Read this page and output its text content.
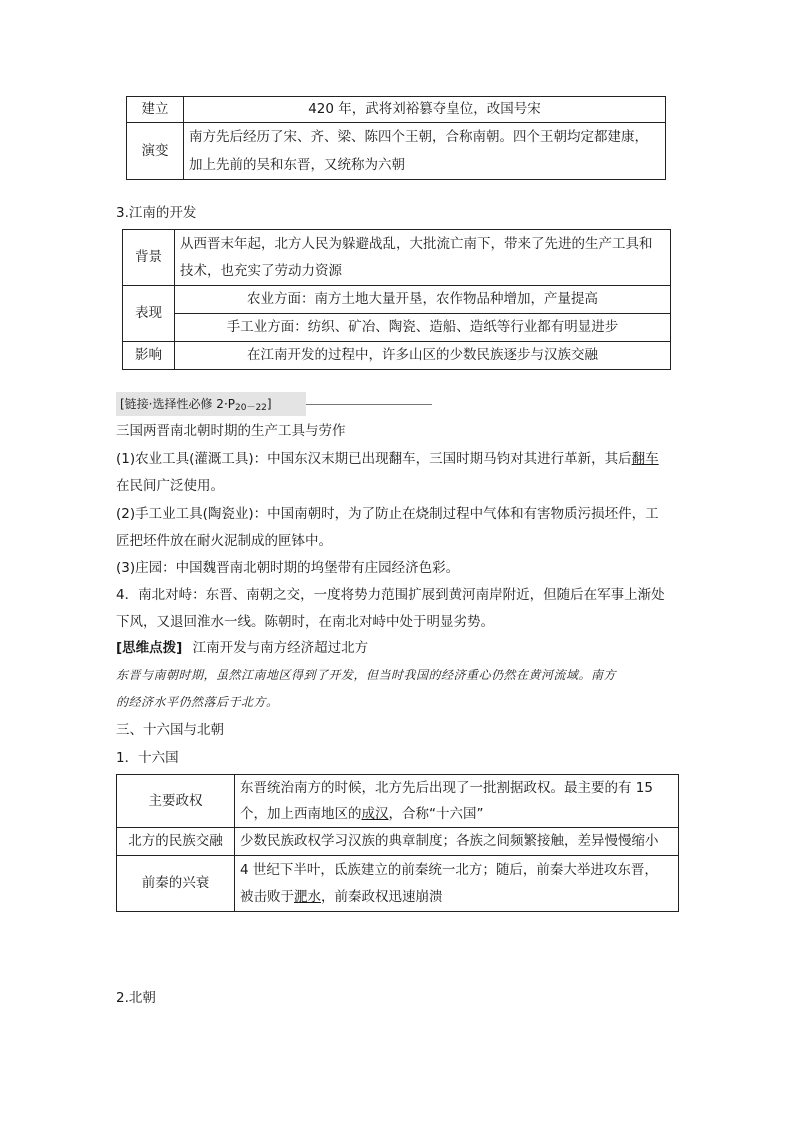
建立	420 年，武将刘裕篡夺皇位，改国号宋
演变	南方先后经历了宋、齐、梁、陈四个王朝，合称南朝。四个王朝均定都建康，
加上先前的吴和东晋，又统称为六朝
3.江南的开发
背景	从西晋末年起，北方人民为躲避战乱，大批流亡南下，带来了先进的生产工具和
技术，也充实了劳动力资源

表现	农业方面：南方土地大量开垦，农作物品种增加，产量提高
	手工业方面：纺织、矿冶、陶瓷、造船、造纸等行业都有明显进步
影响	在江南开发的过程中，许多山区的少数民族逐步与汉族交融
[链接·选择性必修 2·P20－22]
三国两晋南北朝时期的生产工具与劳作
(1)农业工具(灌溉工具)：中国东汉末期已出现翻车，三国时期马钧对其进行革新，其后翻车
在民间广泛使用。
(2)手工业工具(陶瓷业)：中国南朝时，为了防止在烧制过程中气体和有害物质污损坯件，工
匠把坯件放在耐火泥制成的匣钵中。
(3)庄园：中国魏晋南北朝时期的坞堡带有庄园经济色彩。
4．南北对峙：东晋、南朝之交，一度将势力范围扩展到黄河南岸附近，但随后在军事上渐处
下风，又退回淮水一线。陈朝时，在南北对峙中处于明显劣势。
[思维点拨] 江南开发与南方经济超过北方
东晋与南朝时期，虽然江南地区得到了开发，但当时我国的经济重心仍然在黄河流域。南方
的经济水平仍然落后于北方。
三、十六国与北朝
1．十六国
主要政权	东晋统治南方的时候，北方先后出现了一批割据政权。最主要的有 15
个，加上西南地区的成汉，合称“十六国”

北方的民族交融	少数民族政权学习汉族的典章制度；各族之间频繁接触，差异慢慢缩小
前秦的兴衰	4 世纪下半叶，氐族建立的前秦统一北方；随后，前秦大举进攻东晋，
被击败于淝水，前秦政权迅速崩溃
2.北朝
